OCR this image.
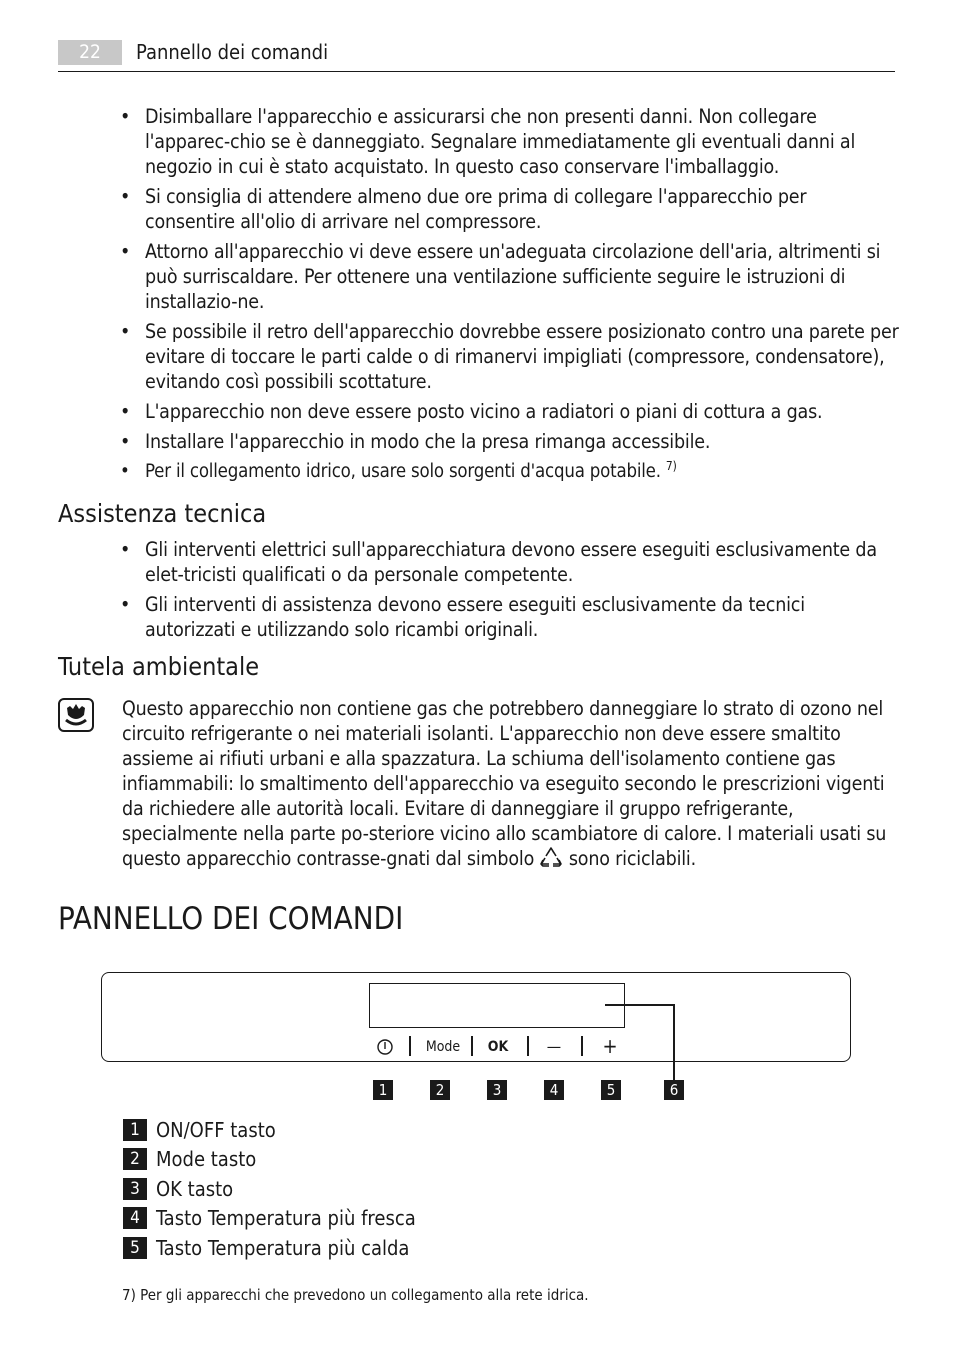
22	Pannello dei comandi
• Disimballare l'apparecchio e assicurarsi che non presenti danni. Non collegare l'apparec-chio se è danneggiato. Segnalare immediatamente gli eventuali danni al negozio in cui è stato acquistato. In questo caso conservare l'imballaggio.
• Si consiglia di attendere almeno due ore prima di collegare l'apparecchio per consentire all'olio di arrivare nel compressore.
• Attorno all'apparecchio vi deve essere un'adeguata circolazione dell'aria, altrimenti si può surriscaldare. Per ottenere una ventilazione sufficiente seguire le istruzioni di installazio-ne.
• Se possibile il retro dell'apparecchio dovrebbe essere posizionato contro una parete per evitare di toccare le parti calde o di rimanervi impigliati (compressore, condensatore), evitando così possibili scottature.
• L'apparecchio non deve essere posto vicino a radiatori o piani di cottura a gas.
• Installare l'apparecchio in modo che la presa rimanga accessibile.
• Per il collegamento idrico, usare solo sorgenti d'acqua potabile. $^{7)}$
Assistenza tecnica
• Gli interventi elettrici sull'apparecchiatura devono essere eseguiti esclusivamente da elet-tricisti qualificati o da personale competente.
• Gli interventi di assistenza devono essere eseguiti esclusivamente da tecnici autorizzati e utilizzando solo ricambi originali.
Tutela ambientale

Questo apparecchio non contiene gas che potrebbero danneggiare lo strato di ozono nel circuito refrigerante o nei materiali isolanti. L'apparecchio non deve essere smaltito assieme ai rifiuti urbani e alla spazzatura. La schiuma dell'isolamento contiene gas infiammabili: lo smaltimento dell'apparecchio va eseguito secondo le prescrizioni vigenti da richiedere alle autorità locali. Evitare di danneggiare il gruppo refrigerante, specialmente nella parte po-steriore vicino allo scambiatore di calore. I materiali usati su questo apparecchio contrasse-gnati dal simbolo sono riciclabili.

PANNELLO DEI COMANDI
Mode	OK	—	+
1	2	3	4	5	6
1 ON/OFF tasto
2 Mode tasto
3 OK tasto
4 Tasto Temperatura più fresca
5 Tasto Temperatura più calda
7) Per gli apparecchi che prevedono un collegamento alla rete idrica.
